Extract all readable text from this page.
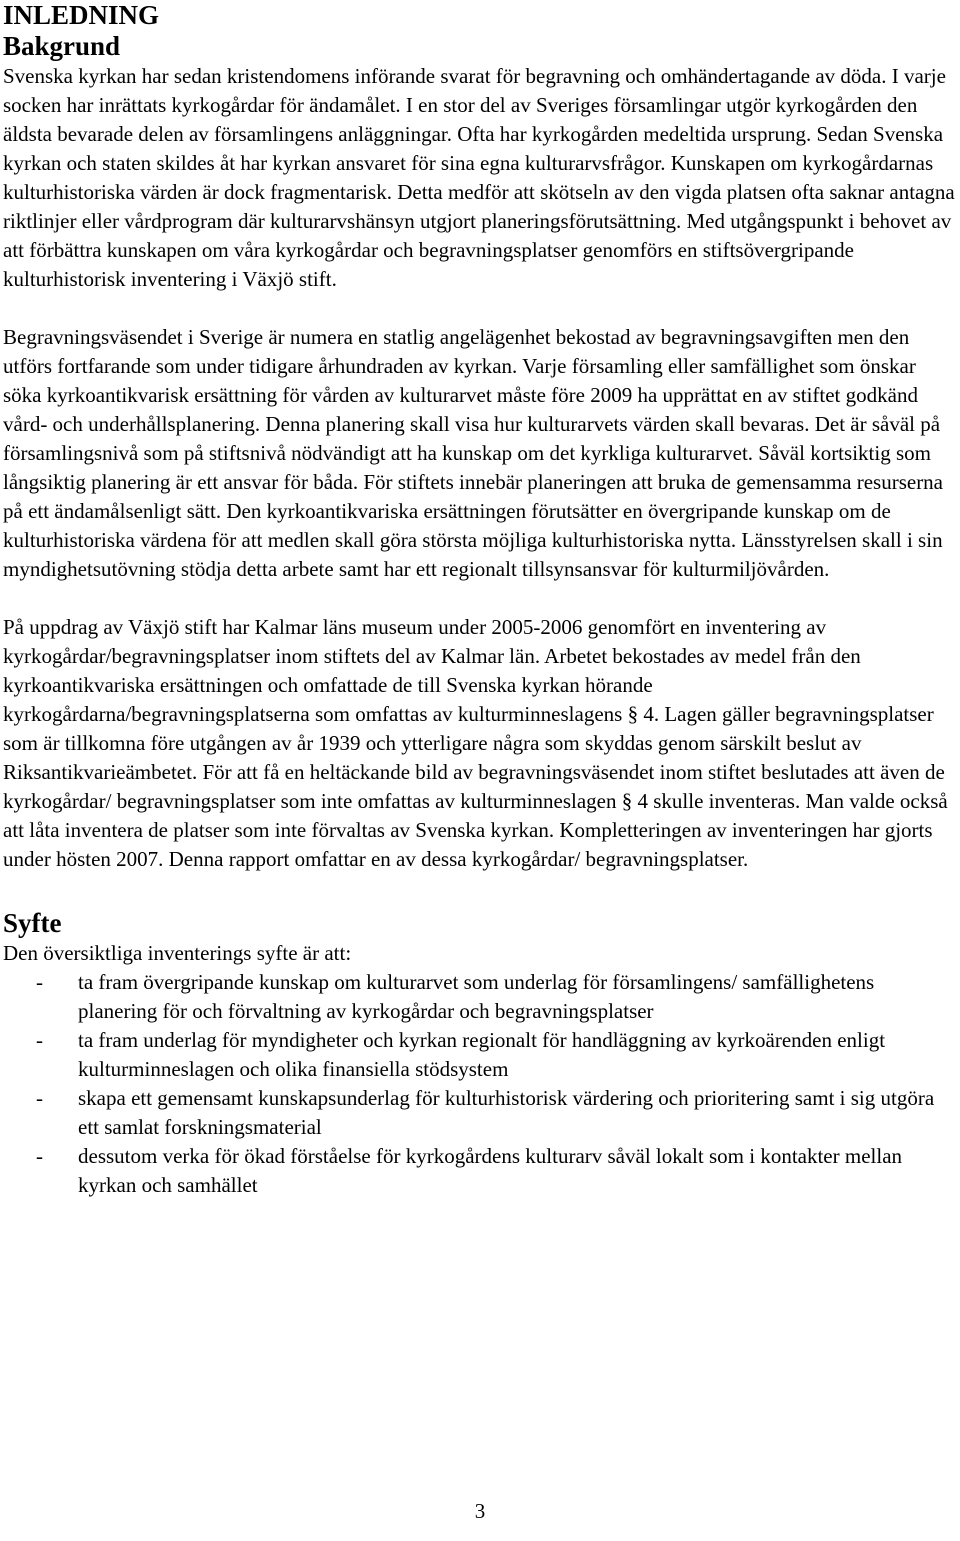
INLEDNING
Bakgrund

Svenska kyrkan har sedan kristendomens införande svarat för begravning och omhändertagande av döda. I varje socken har inrättats kyrkogårdar för ändamålet. I en stor del av Sveriges församlingar utgör kyrkogården den äldsta bevarade delen av församlingens anläggningar. Ofta har kyrkogården medeltida ursprung. Sedan Svenska kyrkan och staten skildes åt har kyrkan ansvaret för sina egna kulturarvsfrågor. Kunskapen om kyrkogårdarnas kulturhistoriska värden är dock fragmentarisk. Detta medför att skötseln av den vigda platsen ofta saknar antagna riktlinjer eller vårdprogram där kulturarvshänsyn utgjort planeringsförutsättning. Med utgångspunkt i behovet av att förbättra kunskapen om våra kyrkogårdar och begravningsplatser genomförs en stiftsövergripande kulturhistorisk inventering i Växjö stift.

Begravningsväsendet i Sverige är numera en statlig angelägenhet bekostad av begravningsavgiften men den utförs fortfarande som under tidigare århundraden av kyrkan. Varje församling eller samfällighet som önskar söka kyrkoantikvarisk ersättning för vården av kulturarvet måste före 2009 ha upprättat en av stiftet godkänd vård- och underhållsplanering. Denna planering skall visa hur kulturarvets värden skall bevaras. Det är såväl på församlingsnivå som på stiftsnivå nödvändigt att ha kunskap om det kyrkliga kulturarvet. Såväl kortsiktig som långsiktig planering är ett ansvar för båda. För stiftets innebär planeringen att bruka de gemensamma resurserna på ett ändamålsenligt sätt. Den kyrkoantikvariska ersättningen förutsätter en övergripande kunskap om de kulturhistoriska värdena för att medlen skall göra största möjliga kulturhistoriska nytta. Länsstyrelsen skall i sin myndighetsutövning stödja detta arbete samt har ett regionalt tillsynsansvar för kulturmiljövården.

På uppdrag av Växjö stift har Kalmar läns museum under 2005-2006 genomfört en inventering av kyrkogårdar/begravningsplatser inom stiftets del av Kalmar län. Arbetet bekostades av medel från den kyrkoantikvariska ersättningen och omfattade de till Svenska kyrkan hörande kyrkogårdarna/begravningsplatserna som omfattas av kulturminneslagens § 4. Lagen gäller begravningsplatser som är tillkomna före utgången av år 1939 och ytterligare några som skyddas genom särskilt beslut av Riksantikvarieämbetet. För att få en heltäckande bild av begravningsväsendet inom stiftet beslutades att även de kyrkogårdar/ begravningsplatser som inte omfattas av kulturminneslagen § 4 skulle inventeras. Man valde också att låta inventera de platser som inte förvaltas av Svenska kyrkan. Kompletteringen av inventeringen har gjorts under hösten 2007. Denna rapport omfattar en av dessa kyrkogårdar/ begravningsplatser.

Syfte

Den översiktliga inventerings syfte är att:

- ta fram övergripande kunskap om kulturarvet som underlag för församlingens/ samfällighetens planering för och förvaltning av kyrkogårdar och begravningsplatser
- ta fram underlag för myndigheter och kyrkan regionalt för handläggning av kyrkoärenden enligt kulturminneslagen och olika finansiella stödsystem
- skapa ett gemensamt kunskapsunderlag för kulturhistorisk värdering och prioritering samt i sig utgöra ett samlat forskningsmaterial
- dessutom verka för ökad förståelse för kyrkogårdens kulturarv såväl lokalt som i kontakter mellan kyrkan och samhället
3
